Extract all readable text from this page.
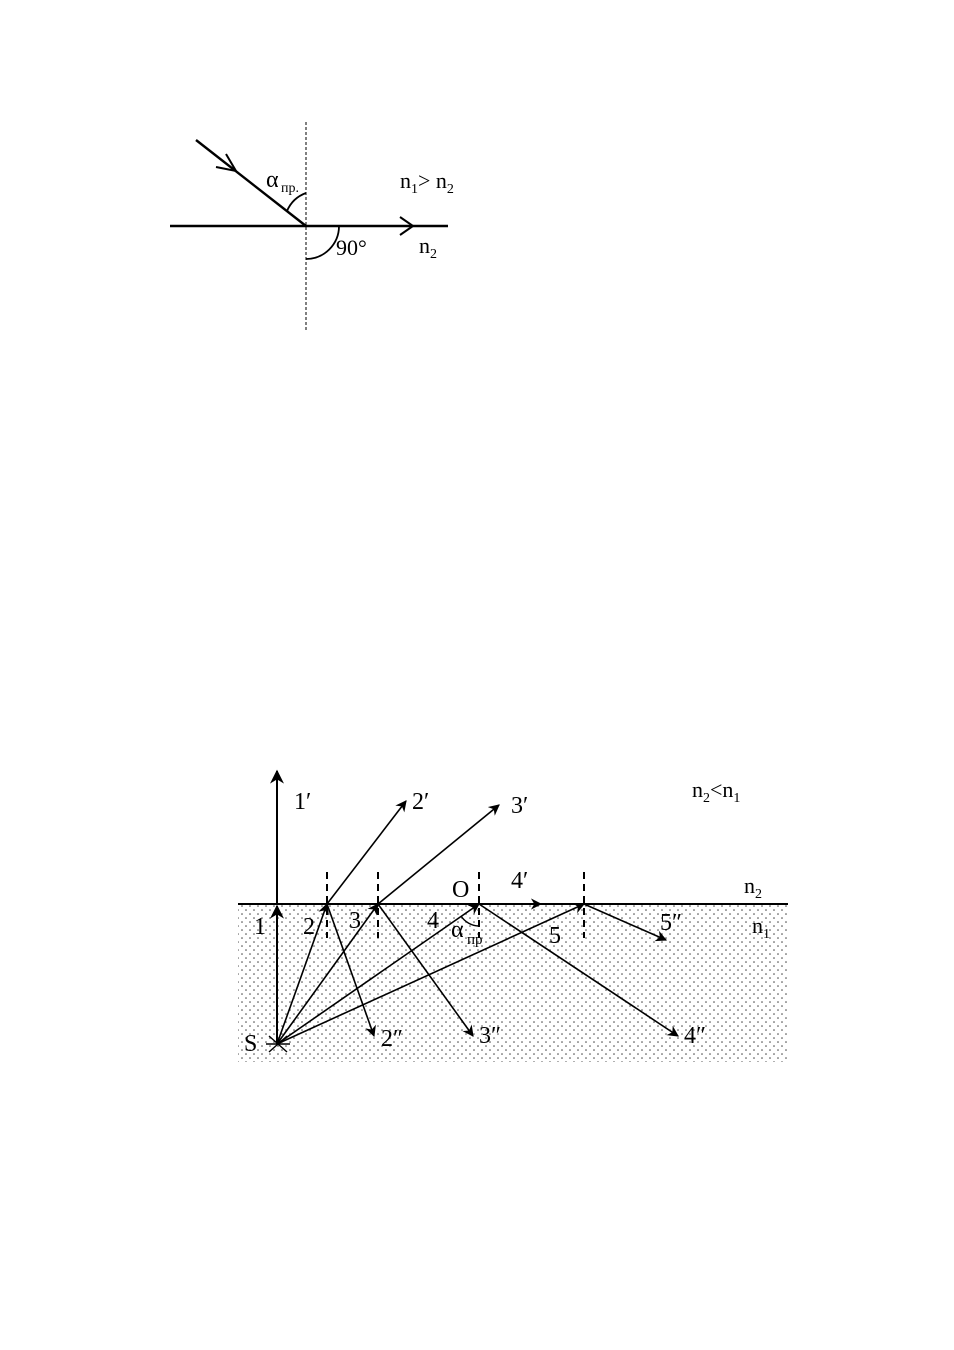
α пр.	$n_1> n_2$
90° $n_2$
S
O
1 2 3	4
5
1′	2′	3′
4′
2″	3″	4″
5″
α пр
$n_2<n_1$
$n_2$
$n_1$
